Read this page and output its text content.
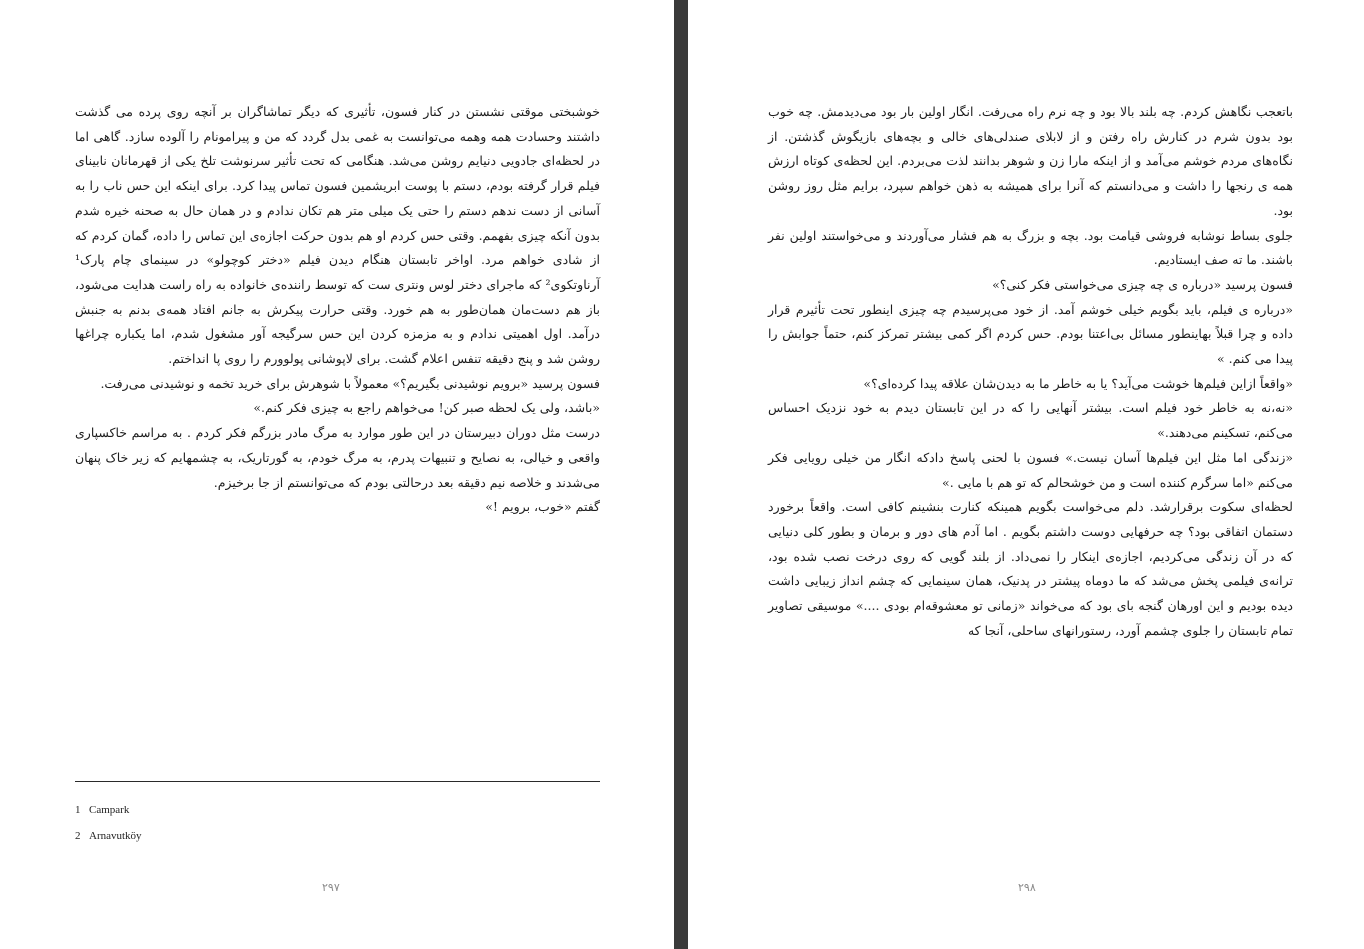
خوشبختی موقتی نشستن در کنار فسون، تأثیری که دیگر تماشاگران بر آنچه روی پرده می گذشت داشتند وحسادت همه وهمه می‌توانست به غمی بدل گردد که من و پیرامونام را آلوده سازد. گاهی اما در لحظه‌ای جادویی دنیایم روشن می‌شد. هنگامی که تحت تأثیر سرنوشت تلخ یکی از قهرمانان نابینای فیلم قرار گرفته بودم، دستم با پوست ابریشمین فسون تماس پیدا کرد. برای اینکه این حس ناب را به آسانی از دست ندهم دستم را حتی یک میلی متر هم تکان ندادم و در همان حال به صحنه خیره شدم بدون آنکه چیزی بفهمم. وقتی حس کردم او هم بدون حرکت اجازه‌ی این تماس را داده، گمان کردم که از شادی خواهم مرد. اواخر تابستان هنگام دیدن فیلم «دختر کوچولو» در سینمای چام پارک¹ آرناوتکوی² که ماجرای دختر لوس ونتری ست که توسط راننده‌ی خانواده به راه راست هدایت می‌شود، باز هم دست‌مان همان‌طور به هم خورد. وقتی حرارت پیکرش به جانم افتاد همه‌ی بدنم به جنبش درآمد. اول اهمیتی ندادم و به مزمزه کردن این حس سرگیجه آور مشغول شدم، اما یکباره چراغها روشن شد و پنج دقیقه تنفس اعلام گشت. برای لاپوشانی پولوورم را روی پا انداختم.

فسون پرسید «برویم نوشیدنی بگیریم؟» معمولاً با شوهرش برای خرید تخمه و نوشیدنی می‌رفت.

«باشد، ولی یک لحظه صبر کن! می‌خواهم راجع به چیزی فکر کنم.»

درست مثل دوران دبیرستان در این طور موارد به مرگ مادر بزرگم فکر کردم . به مراسم خاکسپاری واقعی و خیالی، به نصایح و تنبیهات پدرم، به مرگ خودم، به گورتاریک، به چشمهایم که زیر خاک پنهان می‌شدند و خلاصه نیم دقیقه بعد درحالتی بودم که می‌توانستم از جا برخیزم.

گفتم «خوب، برویم !»

1 Campark
2 Arnavutköy
۲۹۷

باتعجب نگاهش کردم. چه بلند بالا بود و چه نرم راه می‌رفت. انگار اولین بار بود می‌دیدمش. چه خوب بود بدون شرم در کنارش راه رفتن و از لابلای صندلی‌های خالی و بچه‌های بازیگوش گذشتن. از نگاه‌های مردم خوشم می‌آمد و از اینکه مارا زن و شوهر بدانند لذت می‌بردم. این لحظه‌ی کوتاه ارزش همه ی رنجها را داشت و می‌دانستم که آنرا برای همیشه به ذهن خواهم سپرد، برایم مثل روز روشن بود.

جلوی بساط نوشابه فروشی قیامت بود. بچه و بزرگ به هم فشار می‌آوردند و می‌خواستند اولین نفر باشند. ما ته صف ایستادیم.

فسون پرسید «درباره ی چه چیزی می‌خواستی فکر کنی؟»

«درباره ی فیلم، باید بگویم خیلی خوشم آمد. از خود می‌پرسیدم چه چیزی اینطور تحت تأثیرم قرار داده و چرا قبلاً بهاینطور مسائل بی‌اعتنا بودم. حس کردم اگر کمی بیشتر تمرکز کنم، حتماً جوابش را پیدا می کنم. »

«واقعاً ازاین فیلم‌ها خوشت می‌آید؟ یا به خاطر ما به دیدن‌شان علاقه پیدا کرده‌ای؟»

«نه،نه به خاطر خود فیلم است. بیشتر آنهایی را که در این تابستان دیدم به خود نزدیک احساس می‌کنم، تسکینم می‌دهند.»

«زندگی اما مثل این فیلم‌ها آسان نیست.» فسون با لحنی پاسخ دادکه انگار من خیلی رویایی فکر می‌کنم «اما سرگرم کننده است و من خوشحالم که تو هم با مایی .»

لحظه‌ای سکوت برقرارشد. دلم می‌خواست بگویم همینکه کنارت بنشینم کافی است. واقعاً برخورد دستمان اتفاقی بود؟ چه حرفهایی دوست داشتم بگویم . اما آدم های دور و برمان و بطور کلی دنیایی که در آن زندگی می‌کردیم، اجازه‌ی اینکار را نمی‌داد. از بلند گویی که روی درخت نصب شده بود، ترانه‌ی فیلمی پخش می‌شد که ما دوماه پیشتر در پدنیک، همان سینمایی که چشم انداز زیبایی داشت دیده بودیم و این اورهان گنجه بای بود که می‌خواند «زمانی تو معشوقه‌ام بودی ....» موسیقی تصاویر تمام تابستان را جلوی چشمم آورد، رستورانهای ساحلی، آنجا که

۲۹۸
